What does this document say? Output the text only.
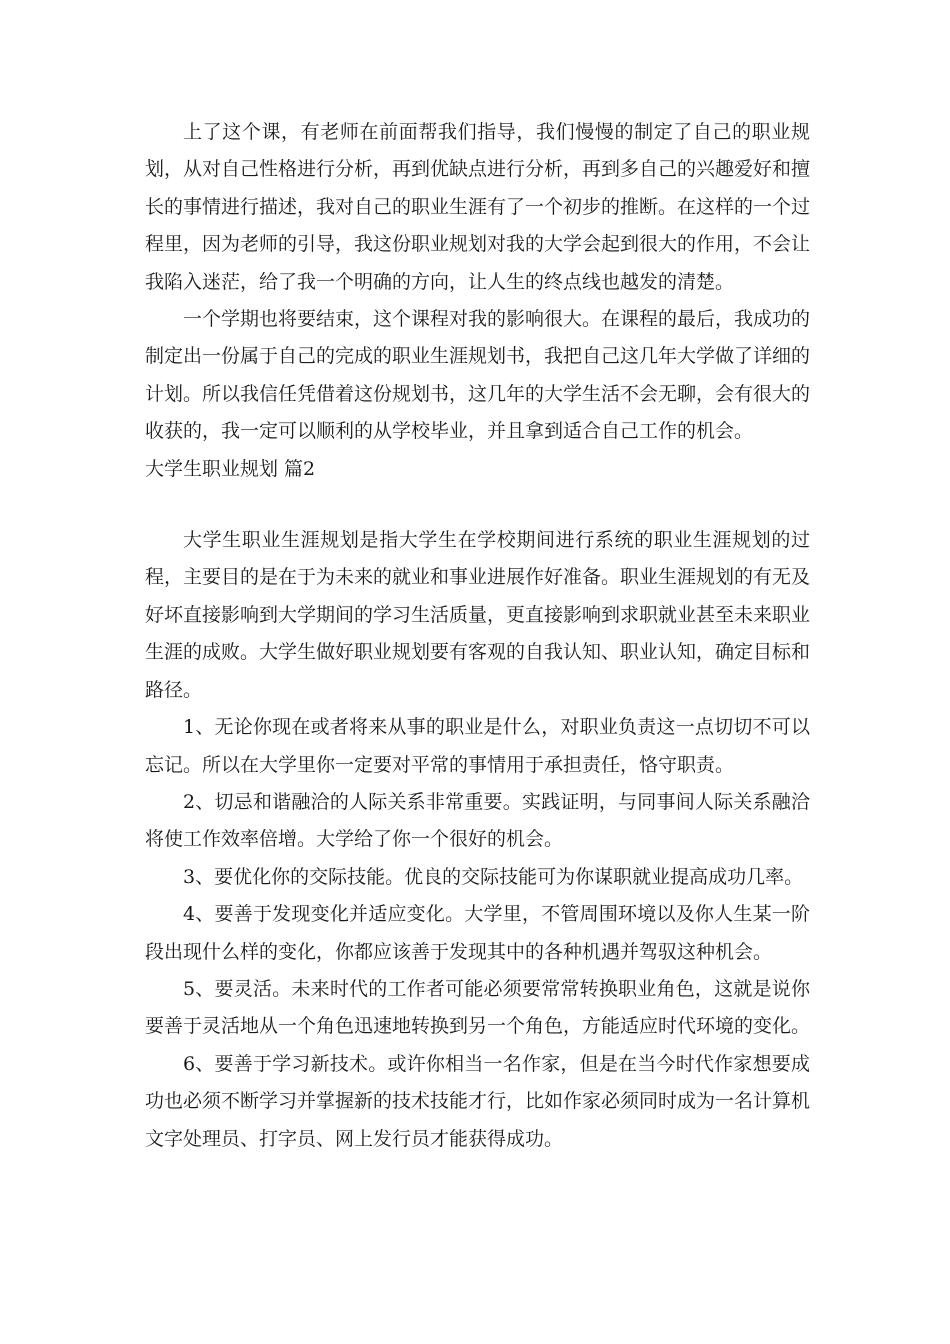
上了这个课，有老师在前面帮我们指导，我们慢慢的制定了自己的职业规划，从对自己性格进行分析，再到优缺点进行分析，再到多自己的兴趣爱好和擅长的事情进行描述，我对自己的职业生涯有了一个初步的推断。在这样的一个过程里，因为老师的引导，我这份职业规划对我的大学会起到很大的作用，不会让我陷入迷茫，给了我一个明确的方向，让人生的终点线也越发的清楚。

一个学期也将要结束，这个课程对我的影响很大。在课程的最后，我成功的制定出一份属于自己的完成的职业生涯规划书，我把自己这几年大学做了详细的计划。所以我信任凭借着这份规划书，这几年的大学生活不会无聊，会有很大的收获的，我一定可以顺利的从学校毕业，并且拿到适合自己工作的机会。

大学生职业规划 篇2

大学生职业生涯规划是指大学生在学校期间进行系统的职业生涯规划的过程，主要目的是在于为未来的就业和事业进展作好准备。职业生涯规划的有无及好坏直接影响到大学期间的学习生活质量，更直接影响到求职就业甚至未来职业生涯的成败。大学生做好职业规划要有客观的自我认知、职业认知，确定目标和路径。

1、无论你现在或者将来从事的职业是什么，对职业负责这一点切切不可以忘记。所以在大学里你一定要对平常的事情用于承担责任，恪守职责。

2、切忌和谐融洽的人际关系非常重要。实践证明，与同事间人际关系融洽将使工作效率倍增。大学给了你一个很好的机会。

3、要优化你的交际技能。优良的交际技能可为你谋职就业提高成功几率。

4、要善于发现变化并适应变化。大学里，不管周围环境以及你人生某一阶段出现什么样的变化，你都应该善于发现其中的各种机遇并驾驭这种机会。

5、要灵活。未来时代的工作者可能必须要常常转换职业角色，这就是说你要善于灵活地从一个角色迅速地转换到另一个角色，方能适应时代环境的变化。

6、要善于学习新技术。或许你相当一名作家，但是在当今时代作家想要成功也必须不断学习并掌握新的技术技能才行，比如作家必须同时成为一名计算机文字处理员、打字员、网上发行员才能获得成功。
